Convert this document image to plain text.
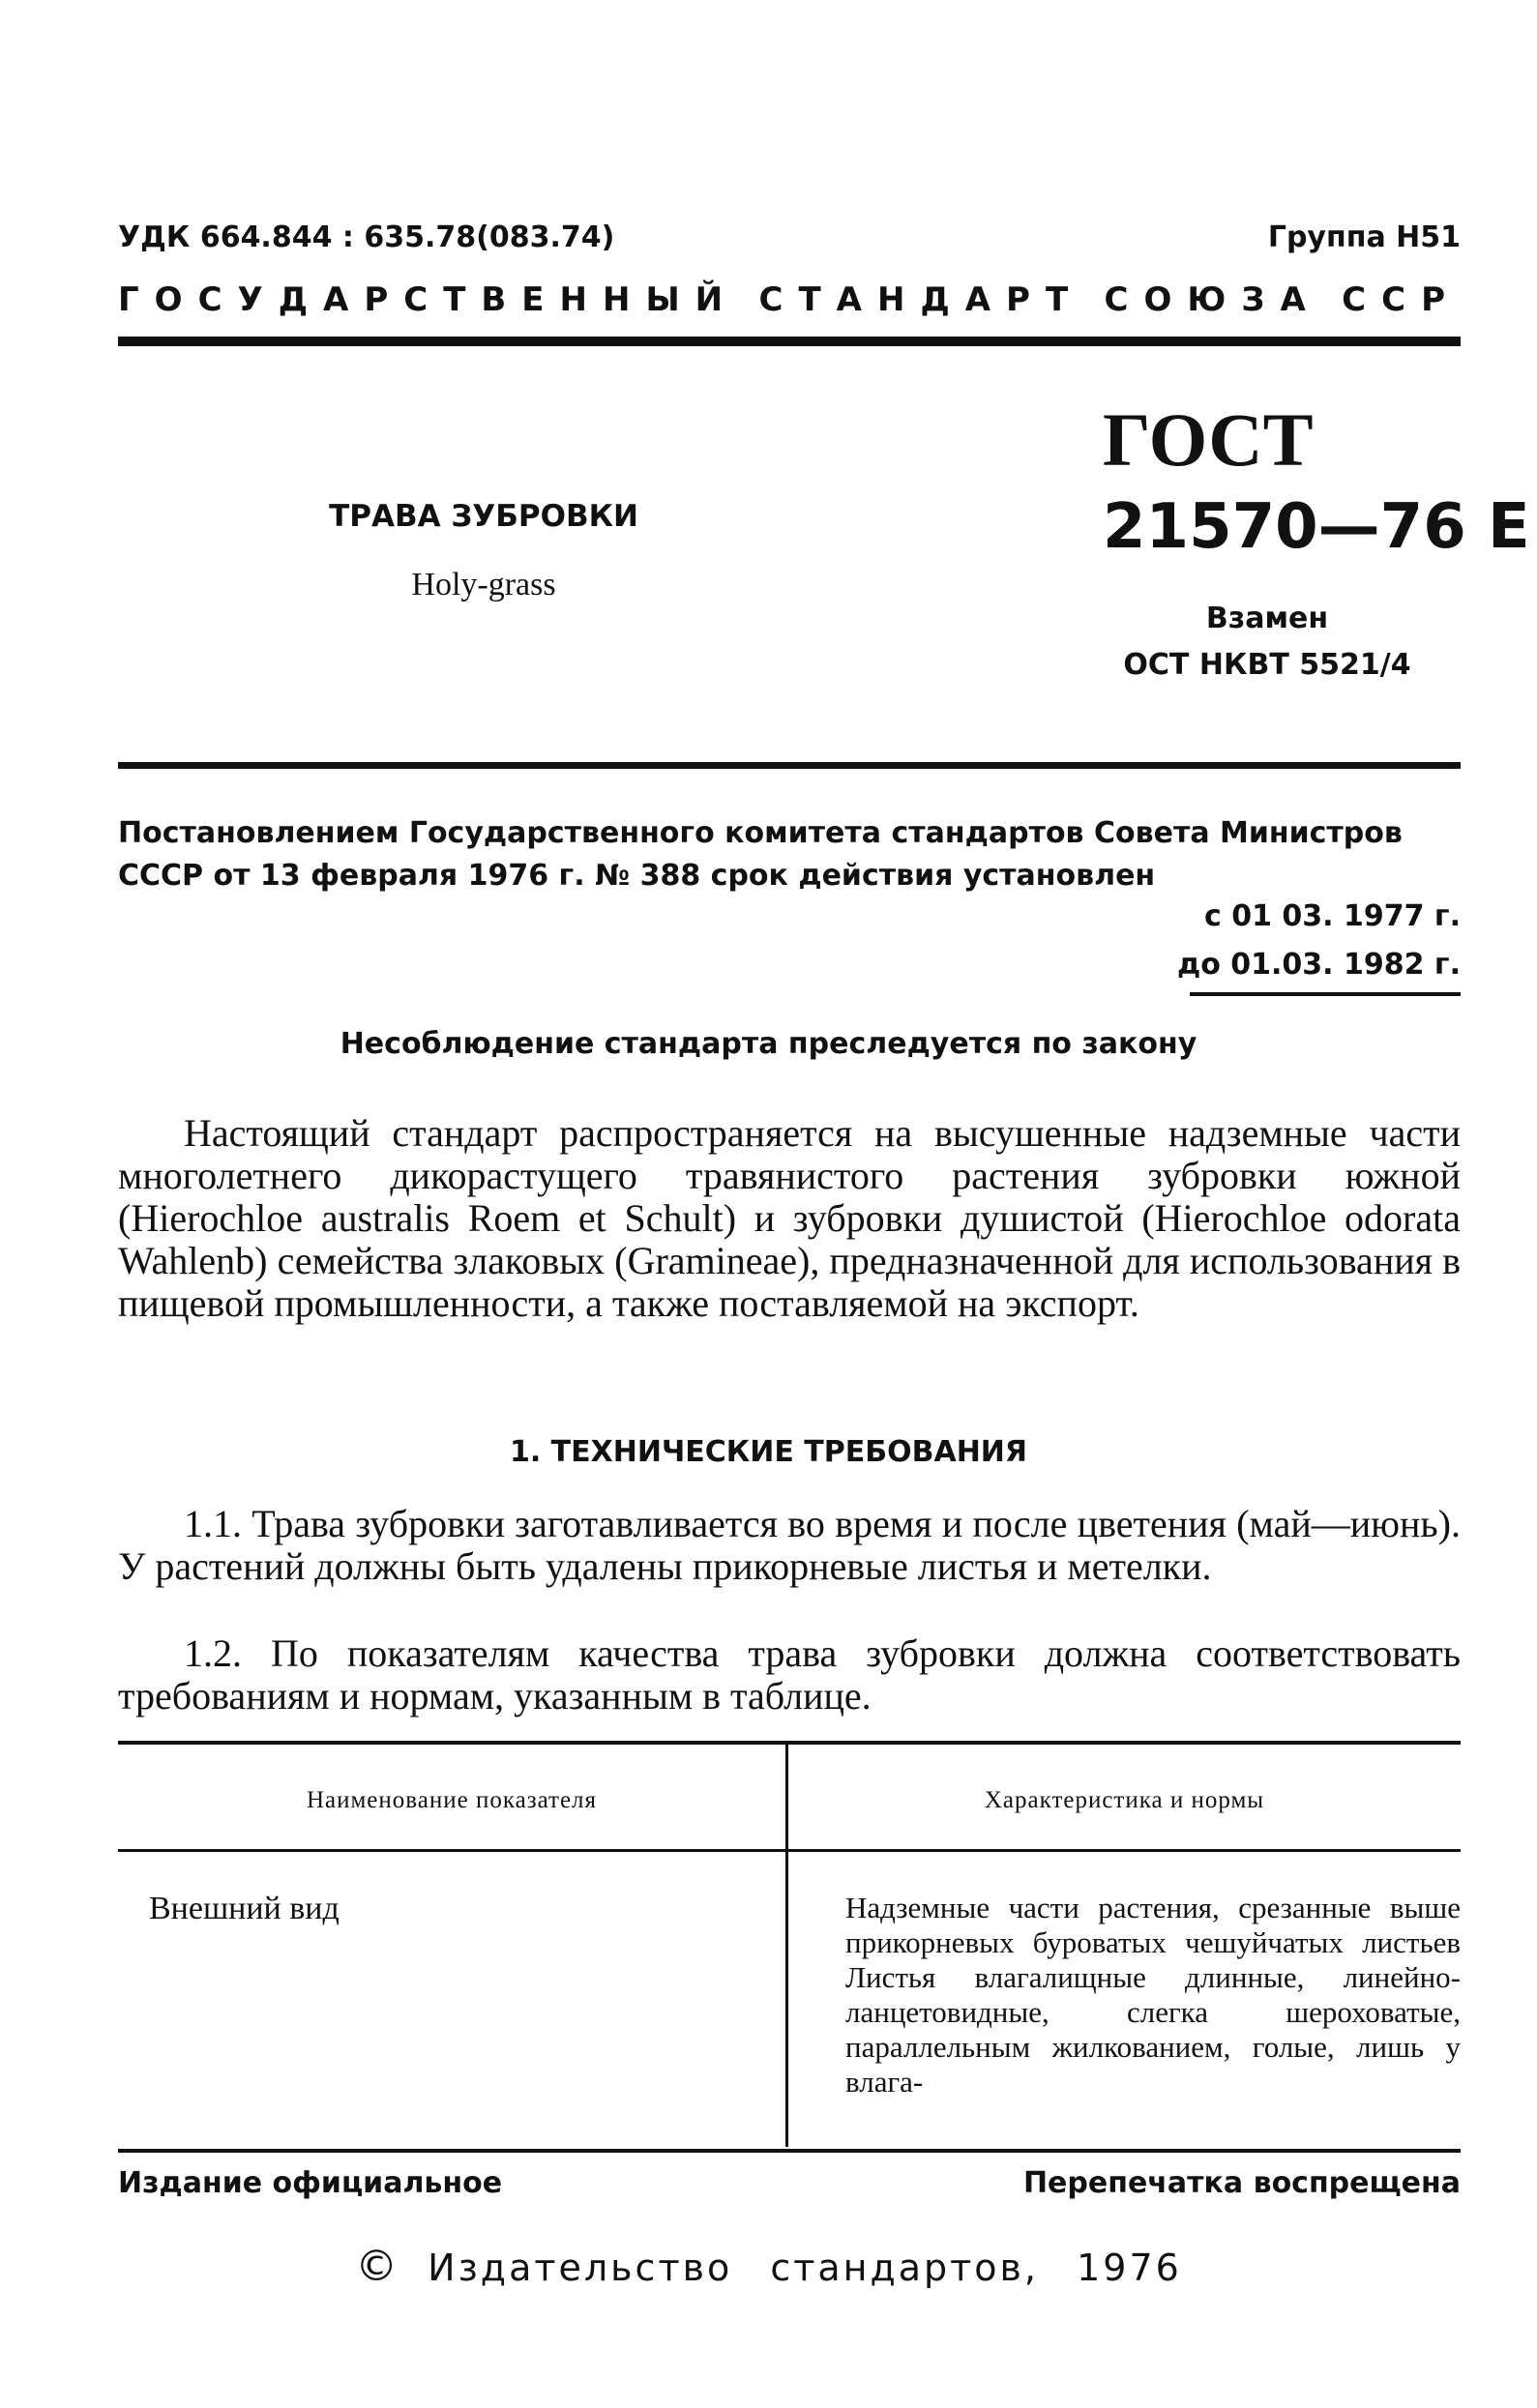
УДК 664.844 : 635.78(083.74)	Группа Н51
ГОСУДАРСТВЕННЫЙ СТАНДАРТ СОЮЗА ССР
ГОСТ
21570—76 Е
ТРАВА ЗУБРОВКИ
Holy-grass
Взамен
ОСТ НКВТ 5521/4
Постановлением Государственного комитета стандартов Совета Министров СССР от 13 февраля 1976 г. № 388 срок действия установлен
с 01 03. 1977 г.
до 01.03. 1982 г.
Несоблюдение стандарта преследуется по закону
Настоящий стандарт распространяется на высушенные надземные части многолетнего дикорастущего травянистого растения зубровки южной (Hierochloe australis Roem et Schult) и зубровки душистой (Hierochloe odorata Wahlenb) семейства злаковых (Gramineae), предназначенной для использования в пищевой промышленности, а также поставляемой на экспорт.
1. ТЕХНИЧЕСКИЕ ТРЕБОВАНИЯ
1.1. Трава зубровки заготавливается во время и после цветения (май—июнь). У растений должны быть удалены прикорневые листья и метелки.
1.2. По показателям качества трава зубровки должна соответствовать требованиям и нормам, указанным в таблице.
Наименование показателя	Характеристика и нормы
Внешний вид	Надземные части растения, срезанные выше прикорневых буроватых чешуйчатых листьев Листья влагалищные длинные, линейно-ланцетовидные, слегка шероховатые, параллельным жилкованием, голые, лишь у влага-
Издание официальное	Перепечатка воспрещена
© Издательство стандартов, 1976
